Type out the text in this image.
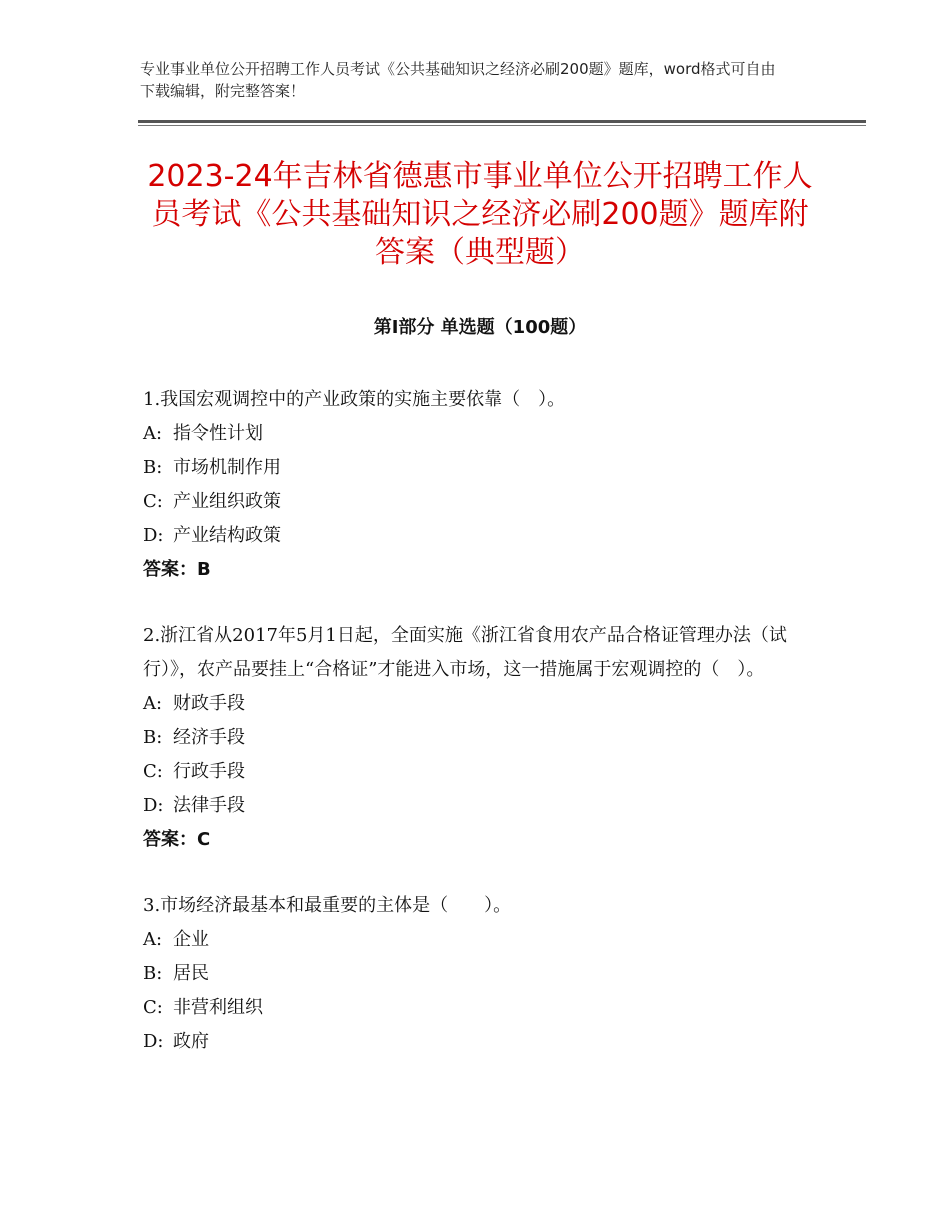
专业事业单位公开招聘工作人员考试《公共基础知识之经济必刷200题》题库，word格式可自由下载编辑，附完整答案！
2023-24年吉林省德惠市事业单位公开招聘工作人员考试《公共基础知识之经济必刷200题》题库附答案（典型题）
第Ⅰ部分 单选题（100题）

1.我国宏观调控中的产业政策的实施主要依靠（　）。

A: 指令性计划

B: 市场机制作用

C: 产业组织政策

D: 产业结构政策

答案：B

2.浙江省从2017年5月1日起，全面实施《浙江省食用农产品合格证管理办法（试行）》，农产品要挂上“合格证”才能进入市场，这一措施属于宏观调控的（　）。

A: 财政手段

B: 经济手段

C: 行政手段

D: 法律手段

答案：C

3.市场经济最基本和最重要的主体是（　　）。

A: 企业

B: 居民

C: 非营利组织

D: 政府
